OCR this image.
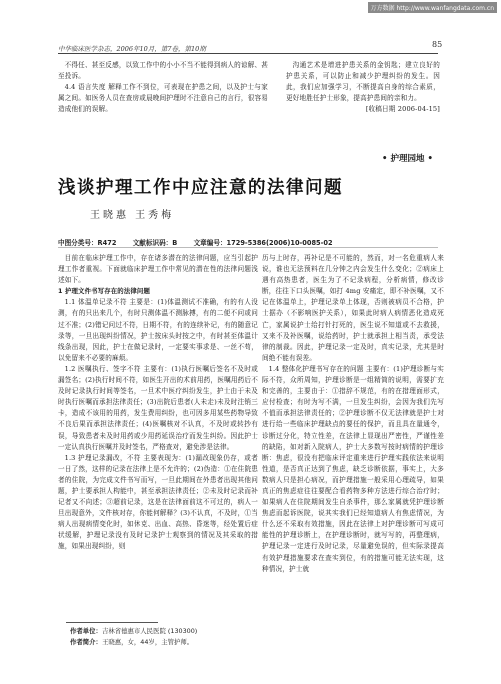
万方数据 http://www.wanfangdata.com.cn
中华临床医学杂志，2006年10月，第7卷，第10期	85

不得任、甚至反感，以致工作中的小小不当不能得到病人的谅解、甚至投诉。

4.4 语言失度 解释工作不到位，可表现在护患之间，以及护士与家属之间。如医务人员在查房或晨晚间护理时不注意自己的言行，很容易造成他们的误解。

沟通艺术是增进护患关系的金钥匙；建立良好的护患关系，可以防止和减少护理纠纷的发生。因此，我们应加强学习，不断提高自身的综合素质，更好地胜任护士形象，提高护患间的亲和力。

[收稿日期 2006-04-15]

• 护理园地 •
浅谈护理工作中应注意的法律问题
王晓惠 王秀梅
中图分类号：R472 文献标识码：B 文章编号：1729-5386(2006)10-0085-02

目前在临床护理工作中，存在诸多潜在的法律问题，应当引起护理工作者重视。下面就临床护理工作中常见的潜在性的法律问题浅述如下。

1 护理文件书写存在的法律问题

1.1 体温单记录不符 主要是：(1)体温测试不准确，有的有人没测，有的只出来几个，有时只测体温不测脉搏，有的二便不问或问过不准；(2)错记问过不符，日期不符，有的连续补记，有的随意记录等，一旦出现纠纷情况，护士按床头时按之中，有时甚至体温计线条出现，因此，护士在做记录时，一定要实事求是、一丝不苟，以免留来不必要的麻烦。

1.2 医嘱执行、签字不符 主要有：(1)执行医嘱后签名不及时或漏签名；(2)执行时间不符，如医生开出的术前用药，医嘱用药后不及时记录执行时间等签名，一旦术中医疗纠纷发生，护士由于未及时执行医嘱而承担法律责任；(3)出院后患者(人未走)未及时注销三卡，造成不该用的用药，发生费用纠纷，也可因多用某些药物导致不良后果而承担法律责任；(4)医嘱核对不认真，不及时或转抄有误，导致患者未及时用药或少用药延误治疗而发生纠纷。因此护士一定认真执行医嘱并及时签名，严格查对，避免涉是法律。

1.3 护理记录漏改，不符 主要表现为：(1)漏改现象仍存，或者一日了然，这样的记录在法律上是不允许的；(2)伪造：①在住院患者的住院，为完成文件书写而写，一旦此期间在外患者出现其他问题，护士要承担人构能中，甚至承担法律责任；②未及时记录而补记者又不向述；③超前记录，这是在法律面前这不可过的，病人一旦出现意外，文件核对存，你能何解释？(3)不认真，不及时，①当病人出现病情变化时，如休克、出血、高热、昏迷等，经处置后症状缓解，护理记录没有及时记录护士观察到的情况及其采取的措施，如果出现纠纷，则

历与上时存，再补记是不可能的，然而，对一名危重病人来说，谁也无法预料在几分钟之内会发生什么变化；②病床上遇有高热患者，医生为了不记录病程，分析病情，修改诊断，往往下口头医嘱，如打 4mg 安痛定，即不补医嘱，又不记在体温单上，护理记录单上体现，否则被病员不合格，护士据办（不影响医护关系），如果此时病人病情恶化造成死亡，家属说护士给打针打死的，医生说不知道或不去救援，又来不及补医嘱，说给药时，护士就承担上相当责，承受法律的制裁。因此，护理记录一定及时，真实记录，尤其是时间绝不能有误差。

1.4 整体化护理书写存在的问题 主要有：(1)护理诊断与实际不符，众所周知，护理诊断是一组精简的说明，需要扩充和完善的，主要由于：①措辞不规范，有的在措理面形式，应付检查；有时为写不满，一旦发生纠纷，会因为我们先写不值而承担法律责任的；②护理诊断不仅无法律就是护士对进行给一些临床护理缺点的要任的保护，而且具在量通令，诊断过分化，特立性差，在法律上显现出严密性，严谨性差的缺陷，如对新入院病人，护士大多数写按时病情的护理诊断：焦虑，很没有把临床评定重来进行护理实践依法来说明性道，是否真正达到了焦虑，缺乏诊断依据，事实上，大多数病人只是担心病况，而护理措施一般采用心理疏导，如果真正的焦虑症往往要配合看药物多种方法进行综合治疗时；如果病人在住院期间发生自杀事件，那么家属就凭护理诊断焦虑而起诉医院，说其实我们已经知道病人有焦虑情况，为什么还不采取有效措施，因此在法律上对护理诊断可写成可能性的护理诊断上，在护理诊断时，就写写的，再整理病，护理记录一定进行及时记录，尽量避免误的，但实际录提高有效护理措施要求在查实到位，有的措施可能无法实现，这种情况，护士就

作者单位：吉林省德惠市人民医院 (130300)
作者简介：王晓惠，女，44岁，主管护师。
